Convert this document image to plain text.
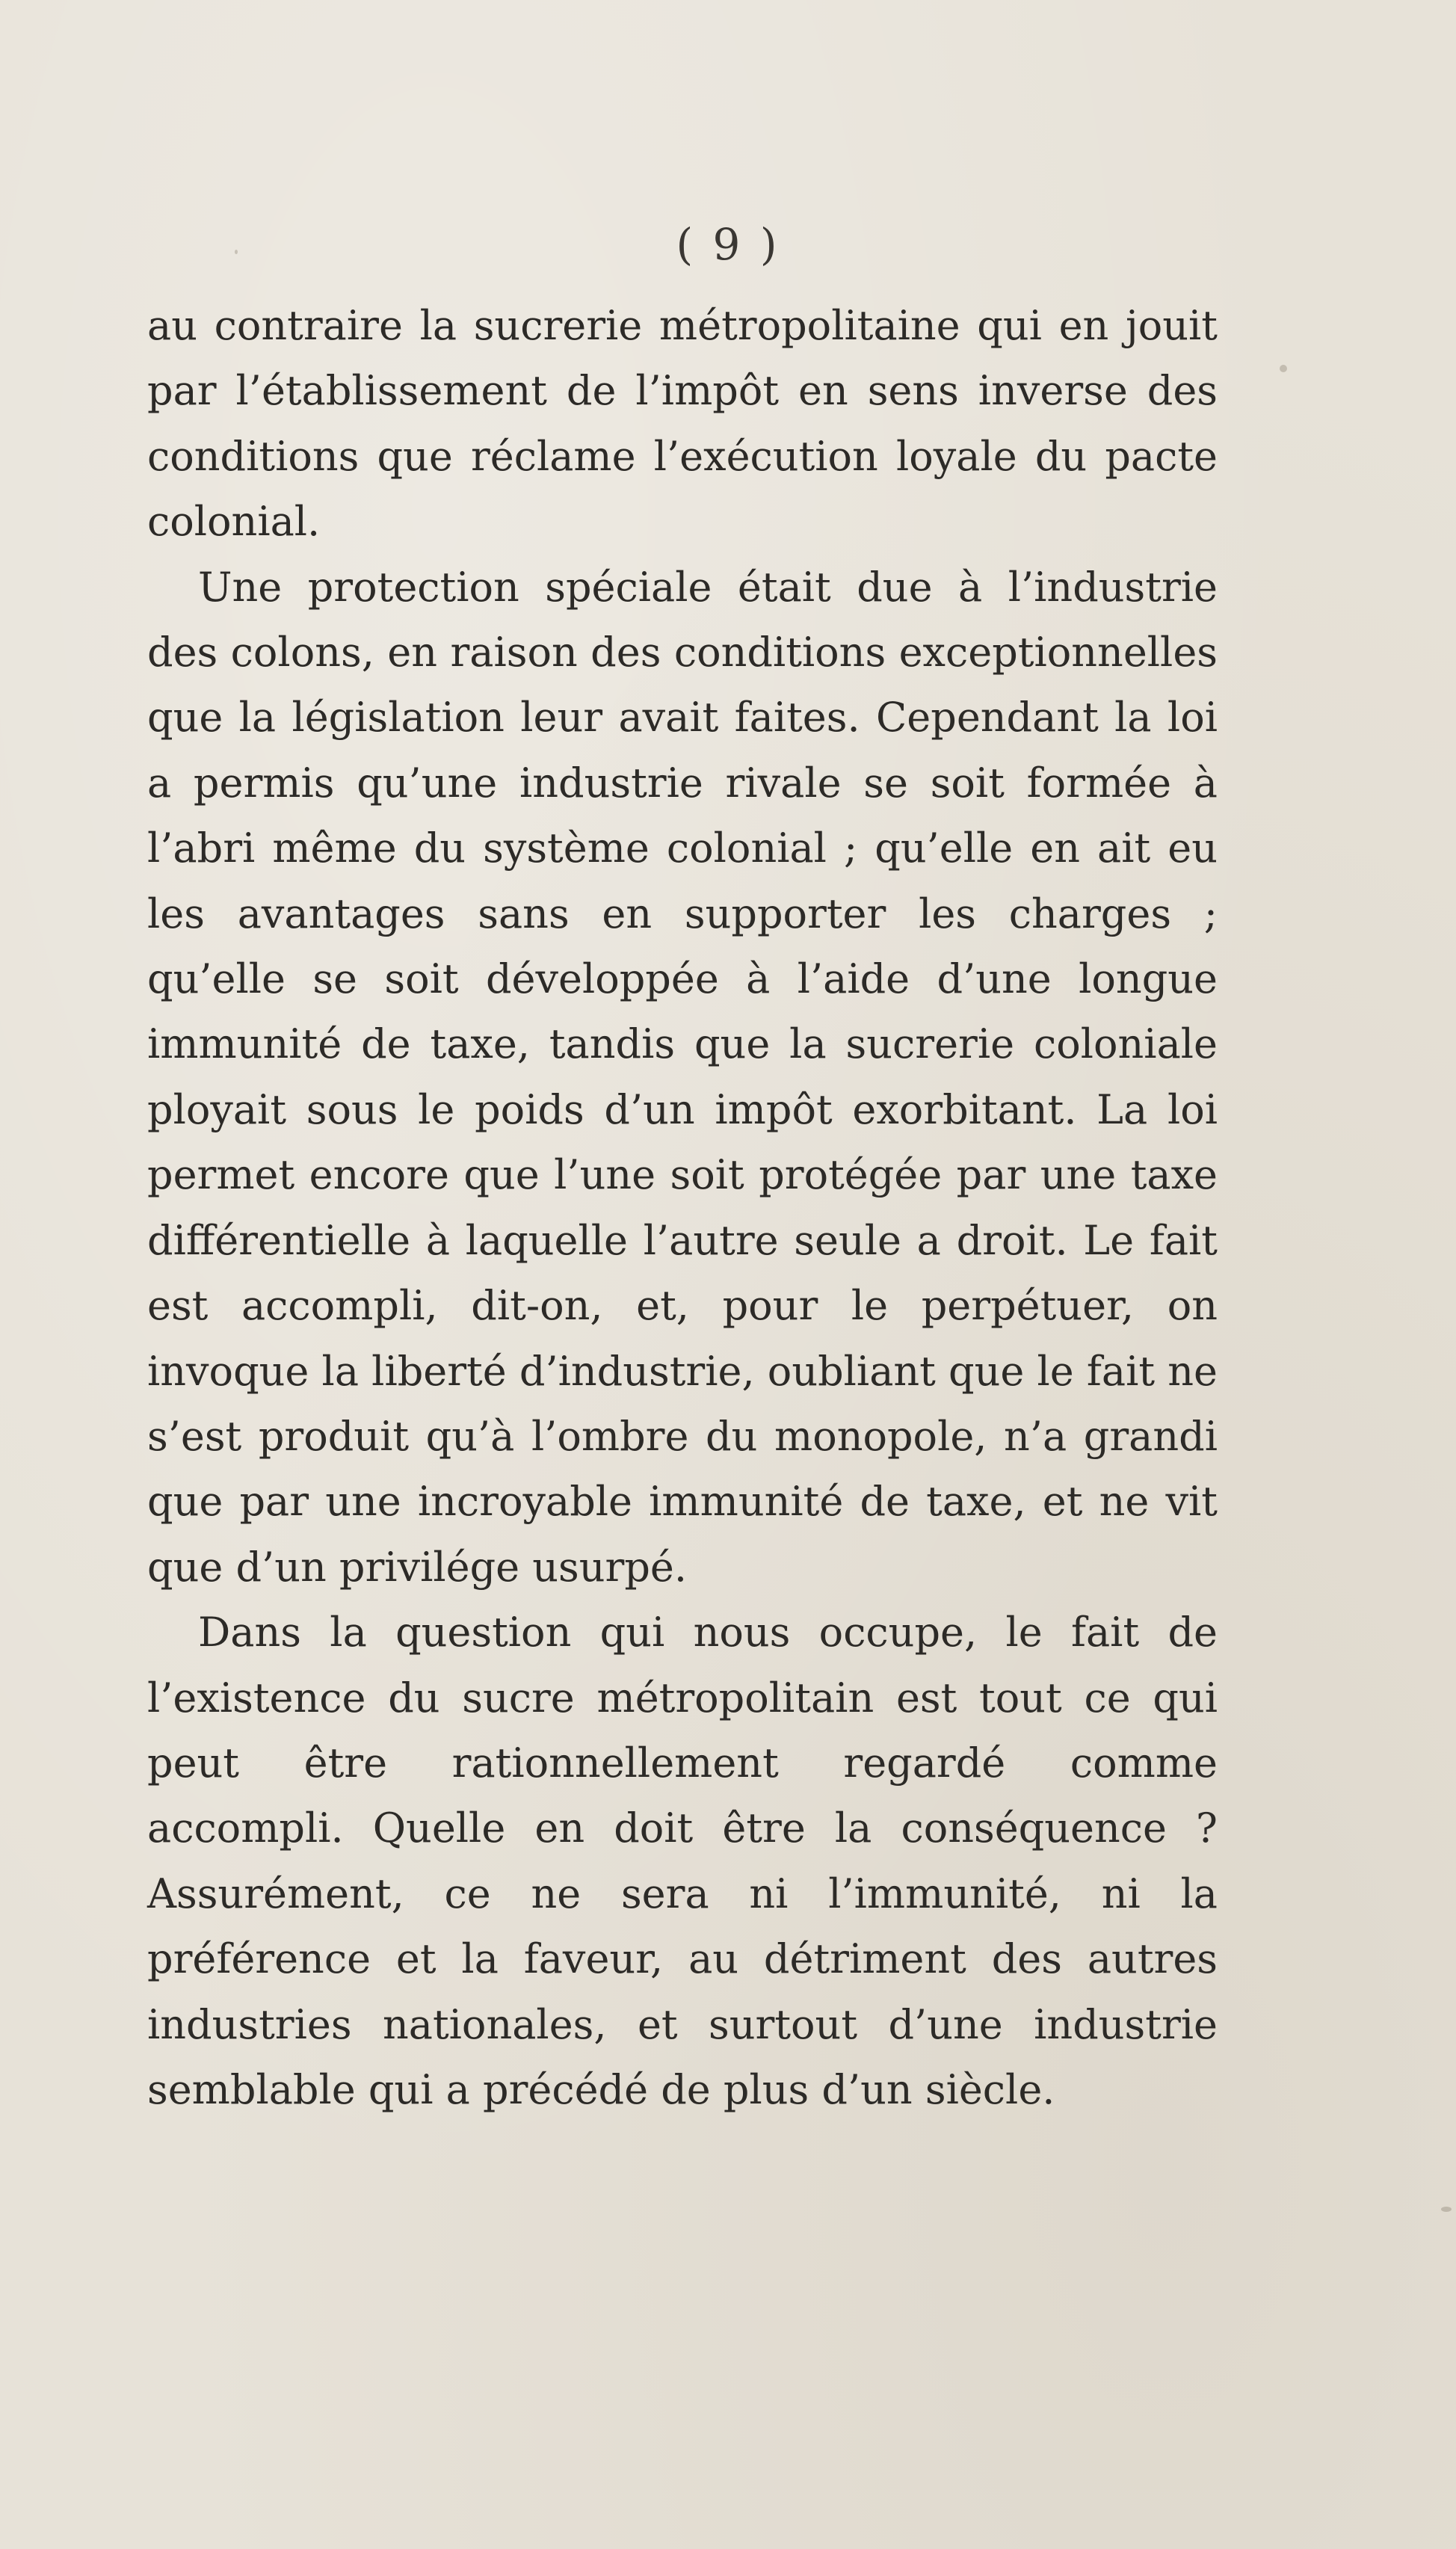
( 9 )

au contraire la sucrerie métropolitaine qui en jouit par l’établissement de l’impôt en sens inverse des conditions que réclame l’exécution loyale du pacte colonial.

Une protection spéciale était due à l’industrie des colons, en raison des conditions exceptionnelles que la législation leur avait faites. Cependant la loi a permis qu’une industrie rivale se soit formée à l’abri même du système colonial ; qu’elle en ait eu les avantages sans en supporter les charges ; qu’elle se soit développée à l’aide d’une longue immunité de taxe, tandis que la sucrerie coloniale ployait sous le poids d’un impôt exorbitant. La loi permet encore que l’une soit protégée par une taxe différentielle à laquelle l’autre seule a droit. Le fait est accompli, dit-on, et, pour le perpétuer, on invoque la liberté d’industrie, oubliant que le fait ne s’est produit qu’à l’ombre du monopole, n’a grandi que par une incroyable immunité de taxe, et ne vit que d’un privilége usurpé.

Dans la question qui nous occupe, le fait de l’existence du sucre métropolitain est tout ce qui peut être rationnellement regardé comme accompli. Quelle en doit être la conséquence ? Assurément, ce ne sera ni l’immunité, ni la préférence et la faveur, au détriment des autres industries nationales, et surtout d’une industrie semblable qui a précédé de plus d’un siècle.
